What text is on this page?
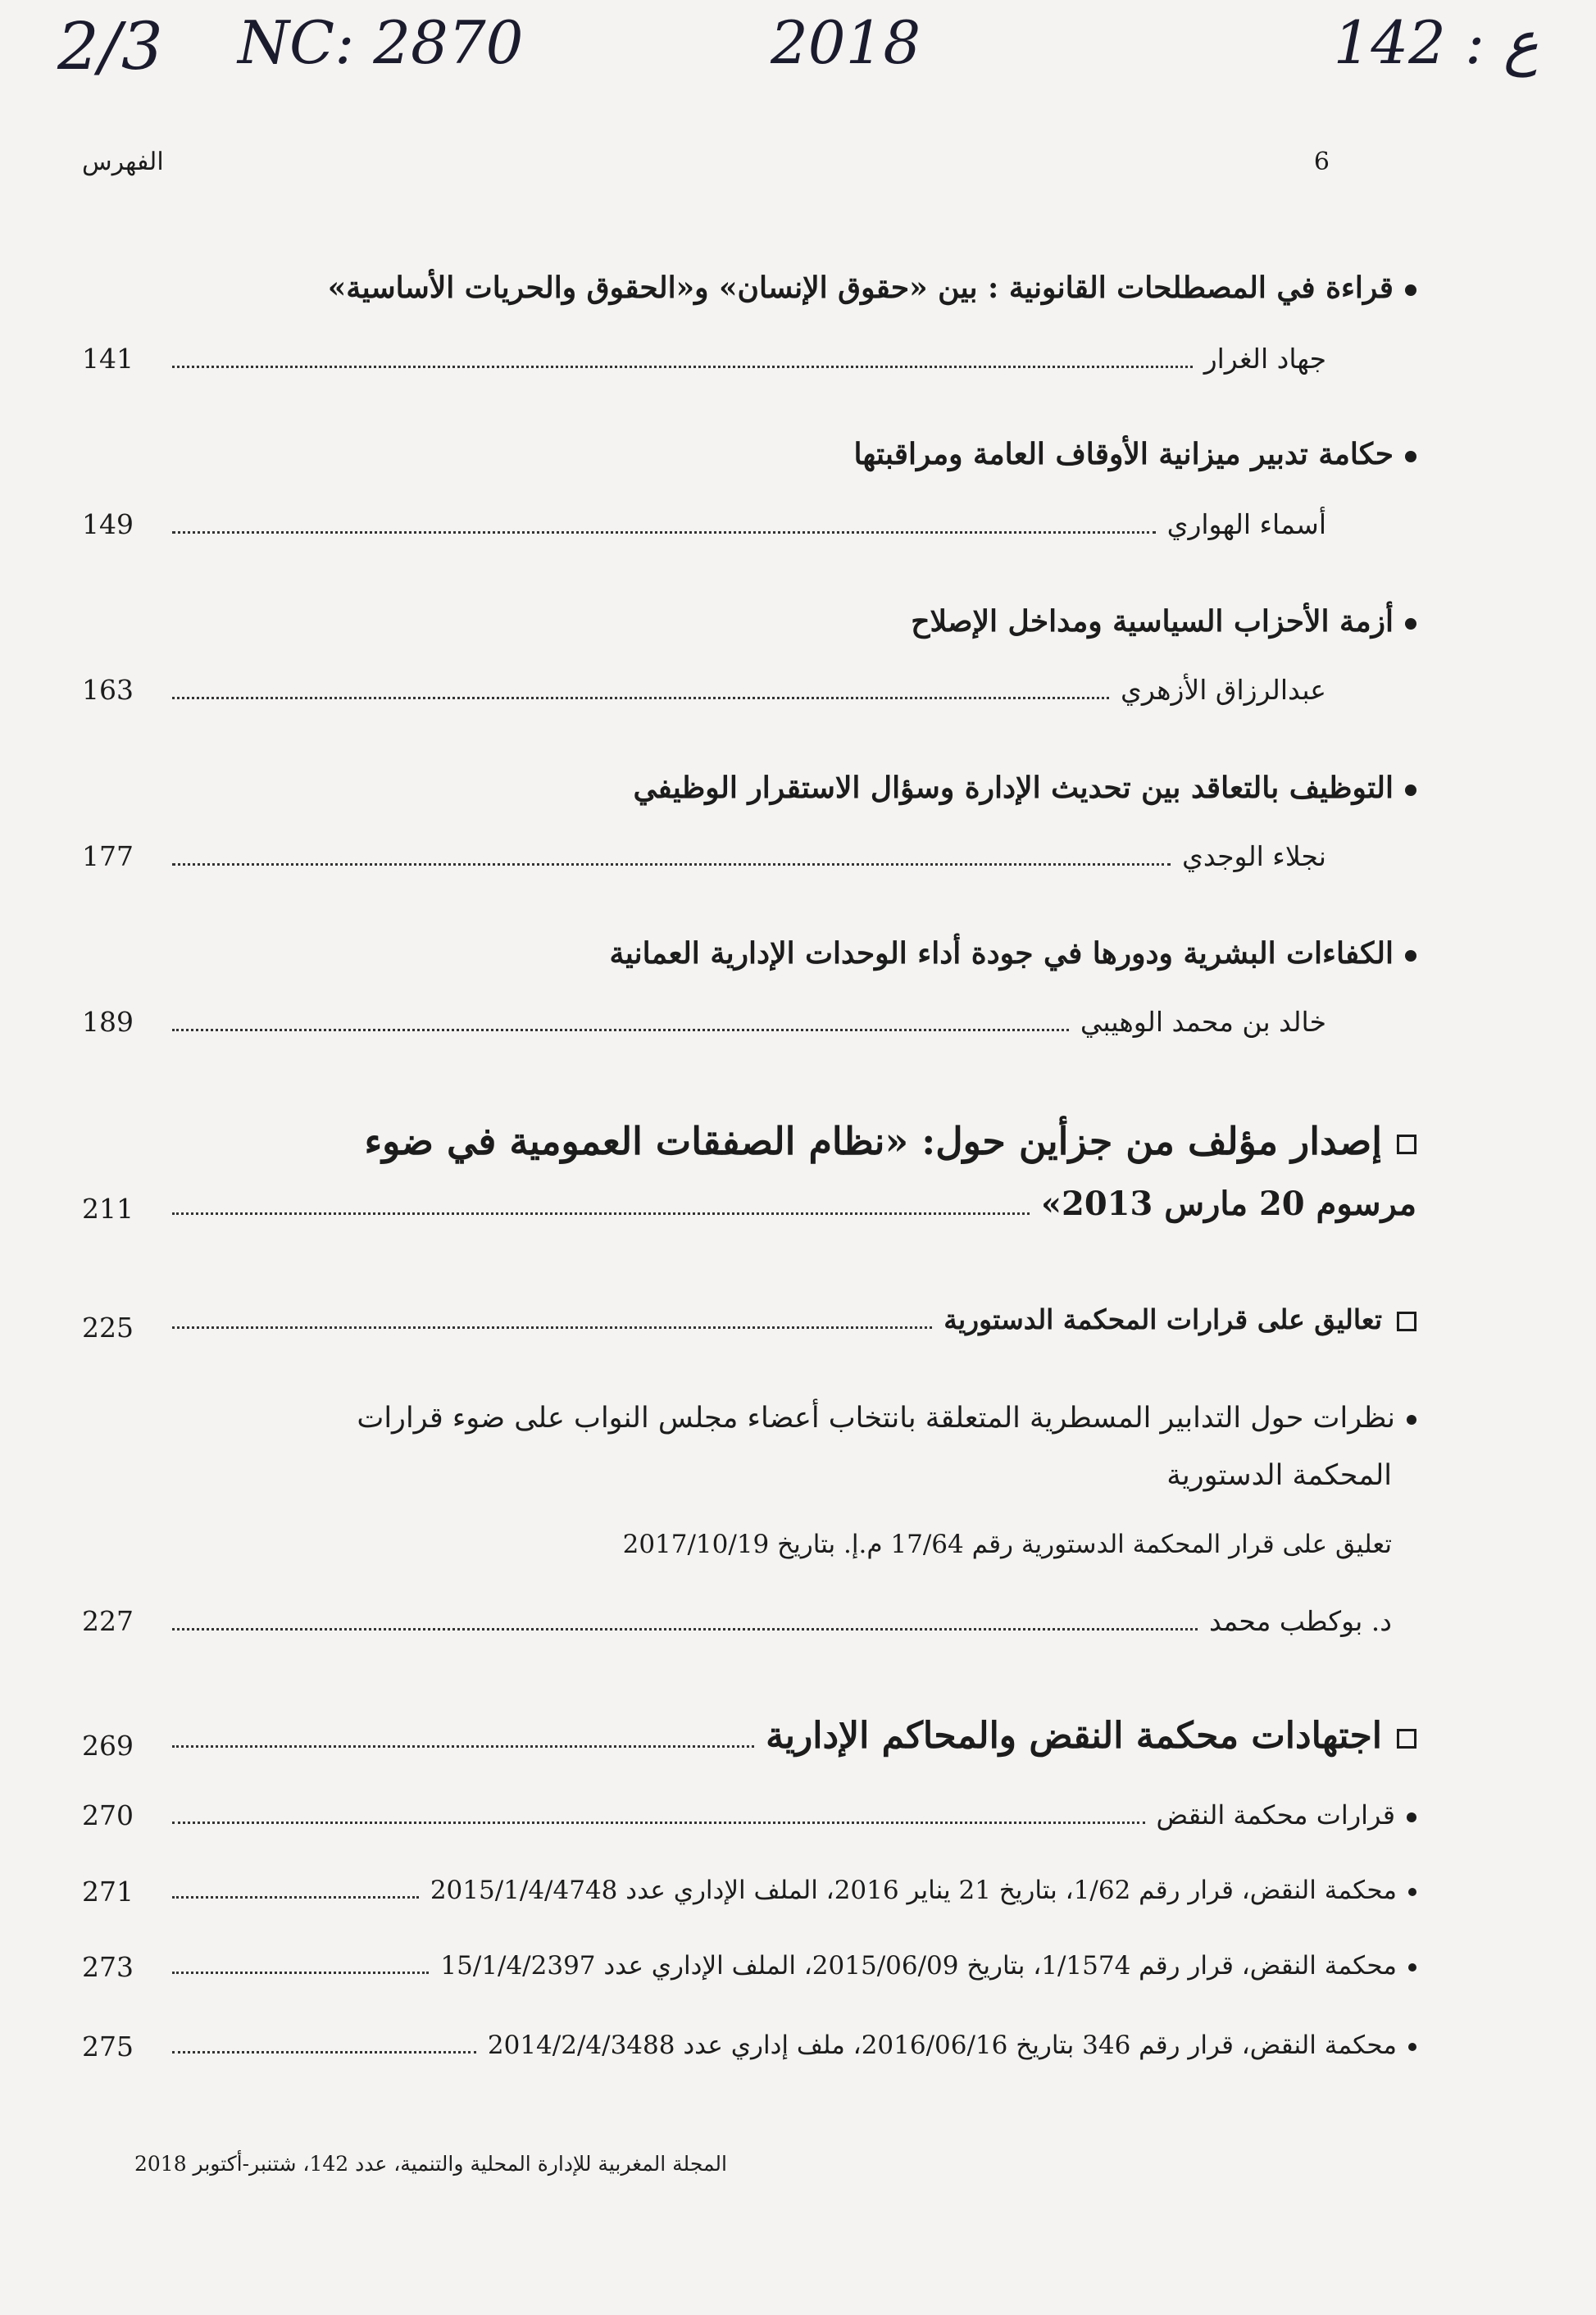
2/3 NC: 2870	2018	ع : 142
6
الفهرس
قراءة في المصطلحات القانونية : بين «حقوق الإنسان» و«الحقوق والحريات الأساسية»
جهاد الغرار
141
حكامة تدبير ميزانية الأوقاف العامة ومراقبتها
أسماء الهواري
149
أزمة الأحزاب السياسية ومداخل الإصلاح
عبدالرزاق الأزهري
163
التوظيف بالتعاقد بين تحديث الإدارة وسؤال الاستقرار الوظيفي
نجلاء الوجدي
177
الكفاءات البشرية ودورها في جودة أداء الوحدات الإدارية العمانية
خالد بن محمد الوهيبي
189
إصدار مؤلف من جزأين حول: «نظام الصفقات العمومية في ضوء
مرسوم 20 مارس 2013»
211
تعاليق على قرارات المحكمة الدستورية
225
نظرات حول التدابير المسطرية المتعلقة بانتخاب أعضاء مجلس النواب على ضوء قرارات
المحكمة الدستورية
تعليق على قرار المحكمة الدستورية رقم 17/64 م.إ. بتاريخ 2017/10/19
د. بوكطب محمد
227
اجتهادات محكمة النقض والمحاكم الإدارية
269
قرارات محكمة النقض
270
محكمة النقض، قرار رقم 1/62، بتاريخ 21 يناير 2016، الملف الإداري عدد 2015/1/4/4748
271
محكمة النقض، قرار رقم 1/1574، بتاريخ 2015/06/09، الملف الإداري عدد 15/1/4/2397
273
محكمة النقض، قرار رقم 346 بتاريخ 2016/06/16، ملف إداري عدد 2014/2/4/3488
275
المجلة المغربية للإدارة المحلية والتنمية، عدد 142، شتنبر-أكتوبر 2018
